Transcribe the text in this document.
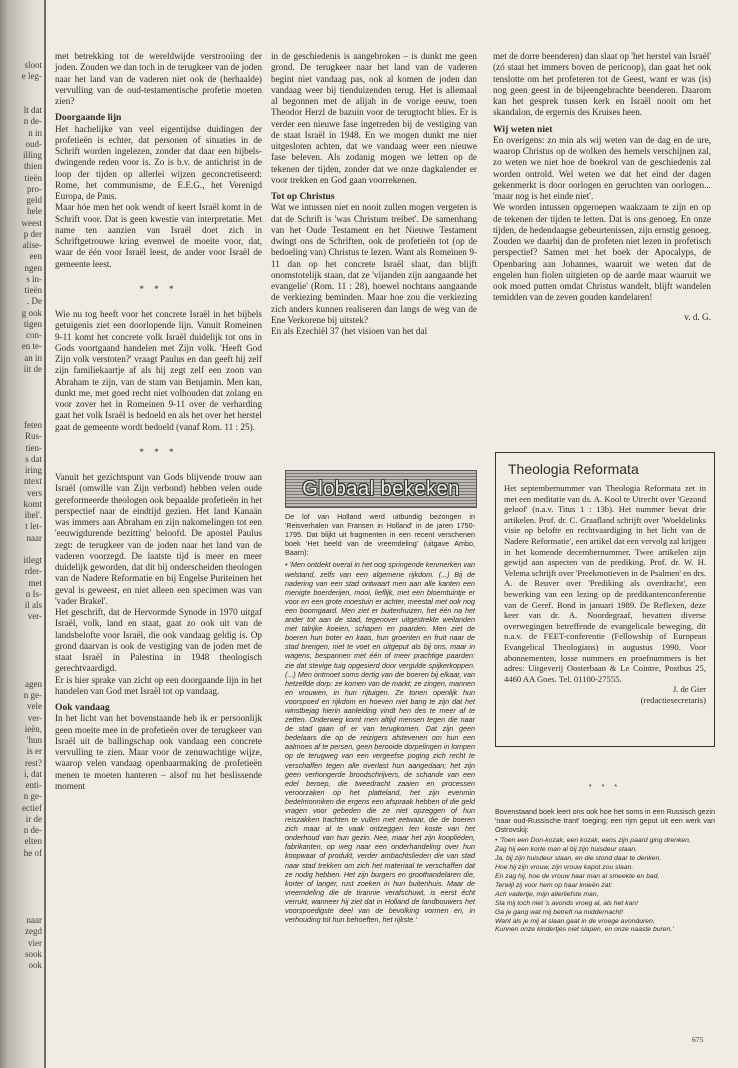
sloot
e leg-
lt dat
n de-
n in
oud-
illing
thien
tieën
pro-
geld
hele
weest
p der
alise-
een
ngen
s in-
tieën
. De
g ook
tigen
con-
en te-
an in
iit de
feten
Rus-
tien-
s dat
iring
ntext
vers
komt
ibel'.
t let-
naar
itlegt
rder-
met
n Is-
il als
ver-
agen
n ge-
vele
ver-
ieën,
'hun
is er
rest?
i, dat
enti-
n ge-
ectief
ir de
n de-
elten
he of
naar
zegd
vier
sook
ook

met betrekking tot de wereldwijde verstrooiing der joden. Zouden we dan toch in de terugkeer van de joden naar het land van de vaderen niet ook de (herhaalde) vervulling van de oud-testamentische profetie moeten zien?

Doorgaande lijn

Het hachelijke van veel eigentijdse duidingen der profetieën is echter, dat personen of situaties in de Schrift worden ingelezen, zonder dat daar een bijbels-dwingende reden voor is. Zo is b.v. de antichrist in de loop der tijden op allerlei wijzen geconcretiseerd: Rome, het communisme, de E.E.G., het Verenigd Europa, de Paus.

Maar hóe men het ook wendt of keert Israël komt in de Schrift voor. Dat is geen kwestie van interpretatie. Met name ten aanzien van Israël doet zich in Schriftgetrouwe kring evenwel de moeite voor, dat, waar de één voor Israël leest, de ander voor Israël de gemeente leest.

* * *

Wie nu tog heeft voor het concrete Israël in het bijbels getuigenis ziet een doorlopende lijn. Vanuit Romeinen 9-11 komt het concrete volk Israël duidelijk tot ons in Gods voortgaand handelen met Zijn volk. 'Heeft God Zijn volk verstoten?' vraagt Paulus en dan geeft hij zelf zijn familiekaartje af als hij zegt zelf een zoon van Abraham te zijn, van de stam van Benjamin. Men kan, dunkt me, met goed recht niet volhouden dat zolang en voor zover het in Romeinen 9-11 over de verharding gaat het volk Israël is bedoeld en als het over het herstel gaat de gemeente wordt bedoeld (vanaf Rom. 11 : 25).

* * *

Vanuit het gezichtspunt van Gods blijvende trouw aan Israël (omwille van Zijn verbond) hebben velen oude gereformeerde theologen ook bepaalde profetieën in het perspectief naar de eindtijd gezien. Het land Kanaän was immers aan Abraham en zijn nakomelingen tot een 'eeuwigdurende bezitting' beloofd. De apostel Paulus zegt: de terugkeer van de joden naar het land van de vaderen voorzegd. De laatste tijd is meer en meer duidelijk geworden, dat dit bij onderscheiden theologen van de Nadere Reformatie en bij Engelse Puriteinen het geval is geweest, en niet alleen een specimen was van 'vader Brakel'.

Het geschrift, dat de Hervormde Synode in 1970 uitgaf Israël, volk, land en staat, gaat zo ook uit van de landsbelofte voor Israël, die ook vandaag geldig is. Op grond daarvan is ook de vestiging van de joden met de staat Israël in Palestina in 1948 theologisch gerechtvaardigd.

Er is hier sprake van zicht op een doorgaande lijn in het handelen van God met Israël tot op vandaag.

Ook vandaag

In het licht van het bovenstaande heb ik er persoonlijk geen moeite mee in de profetieën over de terugkeer van Israël uit de ballingschap ook vandaag een concrete vervulling te zien. Maar voor de zenuwachtige wijze, waarop velen vandaag openbaarmaking de profetieën menen te moeten hanteren – alsof nu het beslissende moment

in de geschiedenis is aangebroken – is dunkt me geen grond. De terugkeer naar het land van de vaderen begint niet vandaag pas, ook al komen de joden dan vandaag weer bij tienduizenden terug. Het is allemaal al begonnen met de alijah in de vorige eeuw, toen Theodor Herzl de bazuin voor de terugtocht blies. Er is verder een nieuwe fase ingetreden bij de vestiging van de staat Israël in 1948. En we mogen dunkt me niet uitgesloten achten, dat we vandaag weer een nieuwe fase beleven. Als zodanig mogen we letten op de tekenen der tijden, zonder dat we onze dagkalender er voor trekken en God gaan voorrekenen.

Tot op Christus

Wat we intussen niet en nooit zullen mogen vergeten is dat de Schrift is 'was Christum treibet'. De samenhang van het Oude Testament en het Nieuwe Testament dwingt ons de Schriften, ook de profetieën tot (op de bedoeling van) Christus te lezen. Want als Romeinen 9-11 dan op het concrete Israël slaat, dan blijft onomstotelijk staan, dat ze 'vijanden zijn aangaande het evangelie' (Rom. 11 : 28), hoewel nochtans aangaande de verkiezing beminden. Maar hoe zou die verkiezing zich anders kunnen realiseren dan langs de weg van de Ene Verkorene bij uitstek?

En als Ezechiël 37 (het visioen van het dal

met de dorre beenderen) dan slaat op 'het herstel van Israël' (zó staat het immers boven de pericoop), dan gaat het ook tenslotte om het profeteren tot de Geest, want er was (is) nog geen geest in de bijeengebrachte beenderen. Daarom kan het gesprek tussen kerk en Israël nooit om het skandalon, de ergernis des Kruises heen.

Wij weten niet

En overigens: zo min als wij weten van de dag en de ure, waarop Christus op de wolken des hemels verschijnen zal, zo weten we niet hoe de boekrol van de geschiedenis zal worden ontrold. Wel weten we dat het eind der dagen gekenmerkt is door oorlogen en geruchten van oorlogen... 'maar nog is het einde niet'.

We worden intussen opgeroepen waakzaam te zijn en op de tekenen der tijden te letten. Dat is ons genoeg. En onze tijden, de hedendaagse gebeurtenissen, zijn ernstig genoeg. Zouden we daarbij dan de profeten niet lezen in profetisch perspectief? Samen met het boek der Apocalyps, de Openbaring aan Johannes, waaruit we weten dat de engelen hun fiolen uitgieten op de aarde maar waaruit we ook moed putten omdat Christus wandelt, blijft wandelen temidden van de zeven gouden kandelaren!

v. d. G.
Theologia Reformata
Het septembernummer van Theologia Reformata zet in met een meditatie van ds. A. Kool te Utrecht over 'Gezond geloof' (n.a.v. Titus 1 : 13b). Het nummer bevat drie artikelen. Prof. dr. C. Graafland schrijft over 'Woeldelinks visie op belofte en rechtvaardiging in het licht van de Nadere Reformatie', een artikel dat een vervolg zal krijgen in het komende decembernummer. Twee artikelen zijn gewijd aan aspecten van de prediking. Prof. dr. W. H. Velema schrijft over 'Preekmotieven in de Psalmen' en drs. A. de Reuver over 'Prediking als overdracht', een bewerking van een lezing op de predikantenconferentie van de Geref. Bond in januari 1989. De Reflexen, deze keer van dr. A. Noordegraaf, bevatten diverse overwegingen betreffende de evangelicale beweging, dit n.a.v. de FEET-conferentie (Fellowship of European Evangelical Theologians) in augustus 1990. Voor abonnementen, losse nummers en proefnummers is het adres: Uitgeverij Oosterbaan & Le Cointre, Postbus 25, 4460 AA Goes. Tel. 01100-27555.
J. de Gier
(redactiesecretaris)
Globaal bekeken

De lof van Holland werd uitbundig bezongen in 'Reisverhalen van Fransen in Holland' in de jaren 1750-1795. Dat blijkt uit fragmenten in een recent verschenen boek 'Het beeld van de vreemdeling' (uitgave Ambo, Baarn):

• 'Men ontdekt overal in het oog springende kenmerken van welstand, zelfs van een algemene rijkdom. (...) Bij de nadering van een stad ontwaart men aan alle kanten een menigte boerderijen, mooi, lieflijk, met een bloemtuintje er voor en een grote moestuin er achter, meestal met ook nog een boomgaard. Men ziet er buitenhuizen, het één na het ander tot aan de stad, tegenover uitgestrekte weilanden met talrijke koeien, schapen en paarden. Men ziet de boeren hun boter en kaas, hun groenten en fruit naar de stad brengen, niet te voet en uitgeput als bij ons, maar in wagens, bespannen met één of meer prachtige paarden: zie dat stevige tuig opgesierd door vergulde spijkerkoppen. (...) Men ontmoet soms dertig van die boeren bij elkaar, van hetzelfde dorp: ze komen van de markt; ze zingen, mannen en vrouwen, in hun rijtuigen. Ze tonen openlijk hun voorspoed en rijkdom en hoeven niet bang te zijn dat het winstbejag hierin aanleiding vindt hen des te meer af te zetten. Onderweg komt men altijd mensen tegen die naar de stad gaan of er van terugkomen. Dat zijn geen bedelaars die op de reizigers afstevenen om hun een aalmoes af te persen, geen berooide dorpelingen in lompen op de terugweg van een vergeefse poging zich recht te verschaffen tegen alle overlast hun aangedaan; het zijn geen verhongerde broodschrijvers, de schande van een edel beroep, die tweedracht zaaien en processen veroorzaken op het platteland, het zijn evenmin bedelmonniken die ergens een afspraak hebben of die geld vragen voor gebeden die ze niet opzeggen of hun reiszakken trachten te vullen met eetwaar, die de boeren zich maar al te vaak ontzeggen ten koste van het onderhoud van hun gezin. Nee, maar het zijn kooplieden, fabrikanten, op weg naar een onderhandeling over hun koopwaar of produkt, verder ambachtslieden die van stad naar stad trekken om zich het materiaal te verschaffen dat ze nodig hebben. Het zijn burgers en groothandelaren die, korter of langer, rust zoeken in hun buitenhuis. Maar de vreemdeling die de tirannie verafschuwt, is eerst écht verrukt, wanneer hij ziet dat in Holland de landbouwers het voorspoedigste deel van de bevolking vormen en, in verhouding tot hun behoeften, het rijkste.'

* * *

Bovenstaand boek leert ons ook hoe het soms in een Russisch gezin 'naar oud-Russische trant' toeging; een rijm geput uit een werk van Ostrovskij:

• 'Toen een Don-kozak, een kozak, eens zijn paard ging drenken,
Zag hij een korte man al bij zijn huisdeur staan.
Ja, bij zijn huisdeur staan, en die stond daar te denken.
Hoe hij zijn vrouw, zijn vrouw kapot zou slaan.
En zag hij, hoe de vrouw haar man al smeekte en bad,
Terwijl zij voor hem op haar knieën zat:
Ach vadertje, mijn allerliefste man,
Sla mij toch niet 's avonds vroeg al, als het kan!
Ga je gang wat mij betreft na middernacht!
Want als je mij al slaan gaat in de vroege avonduren,
Kunnen onze kindertjes niet slapen, en onze naaste buren.'
675
